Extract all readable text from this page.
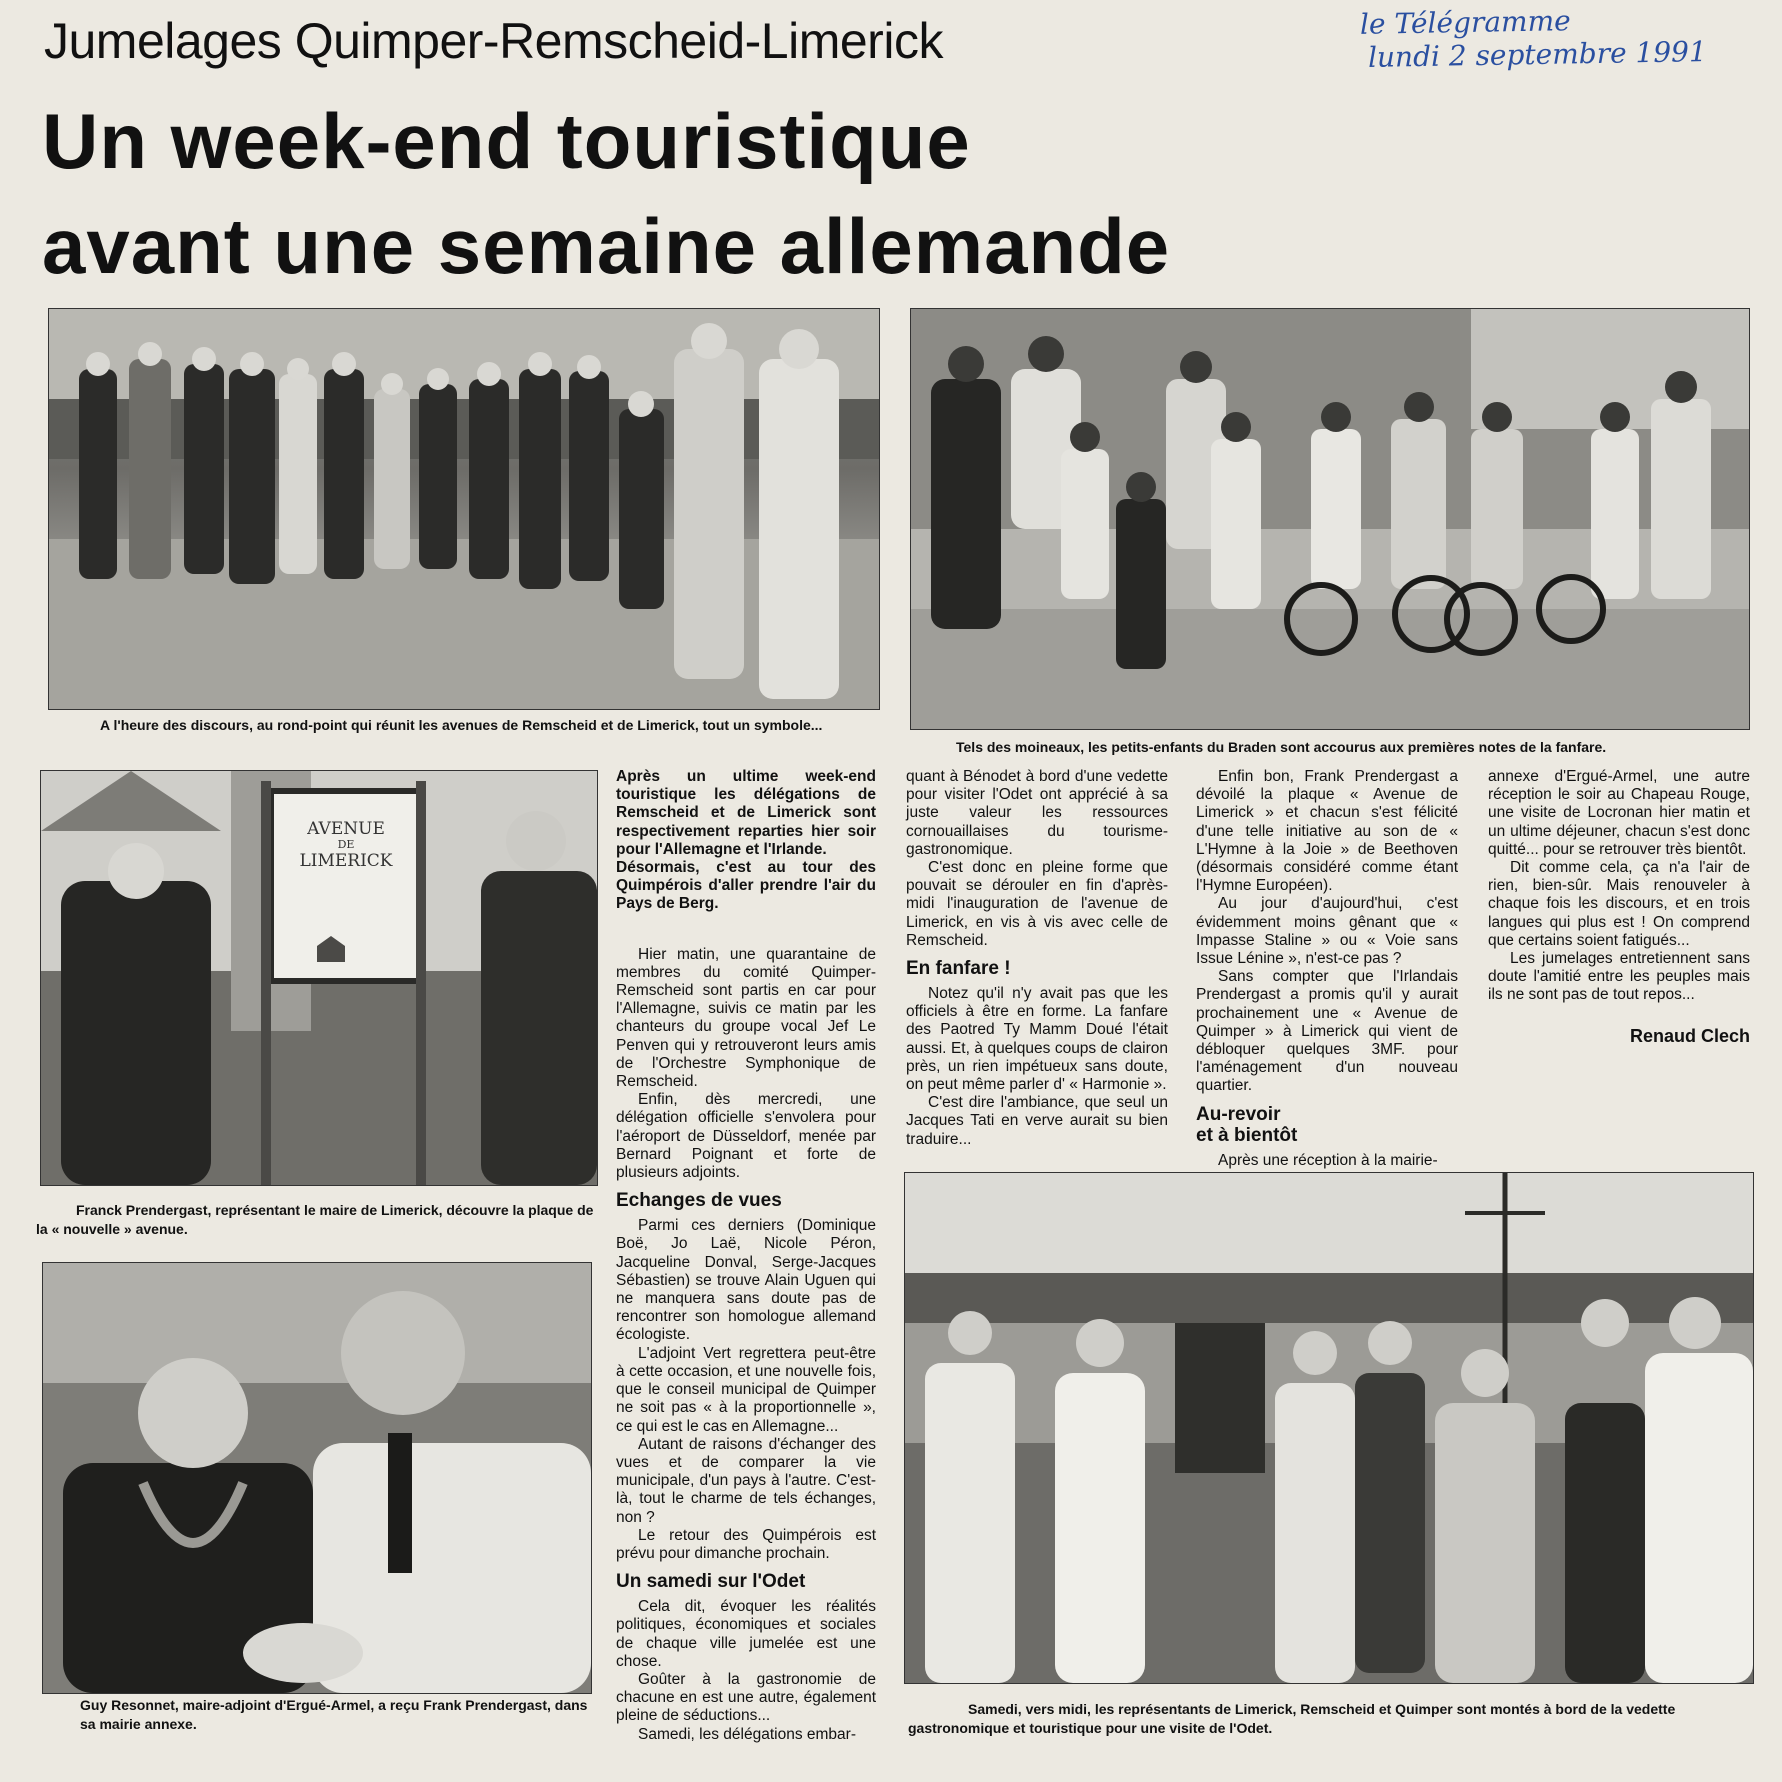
Jumelages Quimper-Remscheid-Limerick
Un week-end touristique
avant une semaine allemande
le Télégramme
lundi 2 septembre 1991
A l'heure des discours, au rond-point qui réunit les avenues de Remscheid et de Limerick, tout un symbole...
Tels des moineaux, les petits-enfants du Braden sont accourus aux premières notes de la fanfare.
AVENUE
DE
LIMERICK
Franck Prendergast, représentant le maire de Limerick, découvre la plaque de la « nouvelle » avenue.
Guy Resonnet, maire-adjoint d'Ergué-Armel, a reçu Frank Prendergast, dans sa mairie annexe.
Samedi, vers midi, les représentants de Limerick, Remscheid et Quimper sont montés à bord de la vedette gastronomique et touristique pour une visite de l'Odet.

Après un ultime week-end touristique les délégations de Remscheid et de Limerick sont respectivement reparties hier soir pour l'Allemagne et l'Irlande.

Désormais, c'est au tour des Quimpérois d'aller prendre l'air du Pays de Berg.

Hier matin, une quarantaine de membres du comité Quimper-Remscheid sont partis en car pour l'Allemagne, suivis ce matin par les chanteurs du groupe vocal Jef Le Penven qui y retrouveront leurs amis de l'Orchestre Symphonique de Remscheid.

Enfin, dès mercredi, une délégation officielle s'envolera pour l'aéroport de Düsseldorf, menée par Bernard Poignant et forte de plusieurs adjoints.

Echanges de vues

Parmi ces derniers (Dominique Boë, Jo Laë, Nicole Péron, Jacqueline Donval, Serge-Jacques Sébastien) se trouve Alain Uguen qui ne manquera sans doute pas de rencontrer son homologue allemand écologiste.

L'adjoint Vert regrettera peut-être à cette occasion, et une nouvelle fois, que le conseil municipal de Quimper ne soit pas « à la proportionnelle », ce qui est le cas en Allemagne...

Autant de raisons d'échanger des vues et de comparer la vie municipale, d'un pays à l'autre. C'est-là, tout le charme de tels échanges, non ?

Le retour des Quimpérois est prévu pour dimanche prochain.

Un samedi sur l'Odet

Cela dit, évoquer les réalités politiques, économiques et sociales de chaque ville jumelée est une chose.

Goûter à la gastronomie de chacune en est une autre, également pleine de séductions...

Samedi, les délégations embar-

quant à Bénodet à bord d'une vedette pour visiter l'Odet ont apprécié à sa juste valeur les ressources cornouaillaises du tourisme-gastronomique.

C'est donc en pleine forme que pouvait se dérouler en fin d'après-midi l'inauguration de l'avenue de Limerick, en vis à vis avec celle de Remscheid.

En fanfare !

Notez qu'il n'y avait pas que les officiels à être en forme. La fanfare des Paotred Ty Mamm Doué l'était aussi. Et, à quelques coups de clairon près, un rien impétueux sans doute, on peut même parler d' « Harmonie ».

C'est dire l'ambiance, que seul un Jacques Tati en verve aurait su bien traduire...

Enfin bon, Frank Prendergast a dévoilé la plaque « Avenue de Limerick » et chacun s'est félicité d'une telle initiative au son de « L'Hymne à la Joie » de Beethoven (désormais considéré comme étant l'Hymne Européen).

Au jour d'aujourd'hui, c'est évidemment moins gênant que « Impasse Staline » ou « Voie sans Issue Lénine », n'est-ce pas ?

Sans compter que l'Irlandais Prendergast a promis qu'il y aurait prochainement une « Avenue de Quimper » à Limerick qui vient de débloquer quelques 3MF. pour l'aménagement d'un nouveau quartier.

Au-revoir
et à bientôt

Après une réception à la mairie-

annexe d'Ergué-Armel, une autre réception le soir au Chapeau Rouge, une visite de Locronan hier matin et un ultime déjeuner, chacun s'est donc quitté... pour se retrouver très bientôt.

Dit comme cela, ça n'a l'air de rien, bien-sûr. Mais renouveler à chaque fois les discours, et en trois langues qui plus est ! On comprend que certains soient fatigués...

Les jumelages entretiennent sans doute l'amitié entre les peuples mais ils ne sont pas de tout repos...

Renaud Clech
